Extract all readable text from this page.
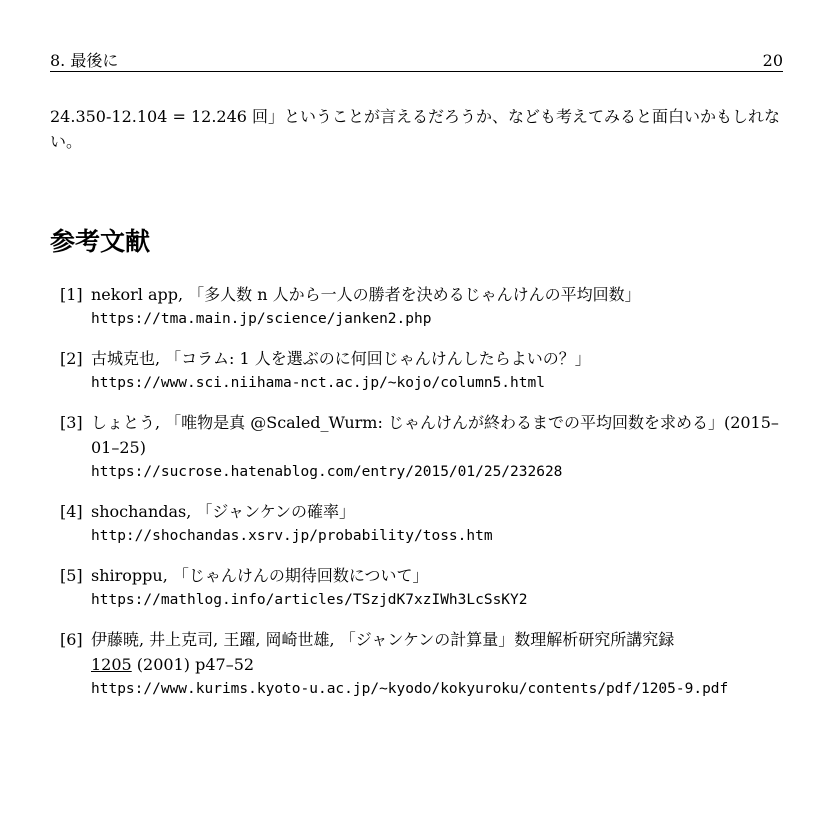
8. 最後に	20
24.350-12.104 = 12.246 回」ということが言えるだろうか、なども考えてみると面白いかもしれない。
参考文献
[1] nekorl app, 「多人数 n 人から一人の勝者を決めるじゃんけんの平均回数」
https://tma.main.jp/science/janken2.php
[2] 古城克也, 「コラム: 1 人を選ぶのに何回じゃんけんしたらよいの？」
https://www.sci.niihama-nct.ac.jp/~kojo/column5.html
[3] しょとう, 「唯物是真 @Scaled_Wurm: じゃんけんが終わるまでの平均回数を求める」(2015–01–25)
https://sucrose.hatenablog.com/entry/2015/01/25/232628
[4] shochandas, 「ジャンケンの確率」
http://shochandas.xsrv.jp/probability/toss.htm
[5] shiroppu, 「じゃんけんの期待回数について」
https://mathlog.info/articles/TSzjdK7xzIWh3LcSsKY2
[6] 伊藤暁, 井上克司, 王躍, 岡崎世雄, 「ジャンケンの計算量」数理解析研究所講究録
1205 (2001) p47–52
https://www.kurims.kyoto-u.ac.jp/~kyodo/kokyuroku/contents/pdf/1205-9.pdf
